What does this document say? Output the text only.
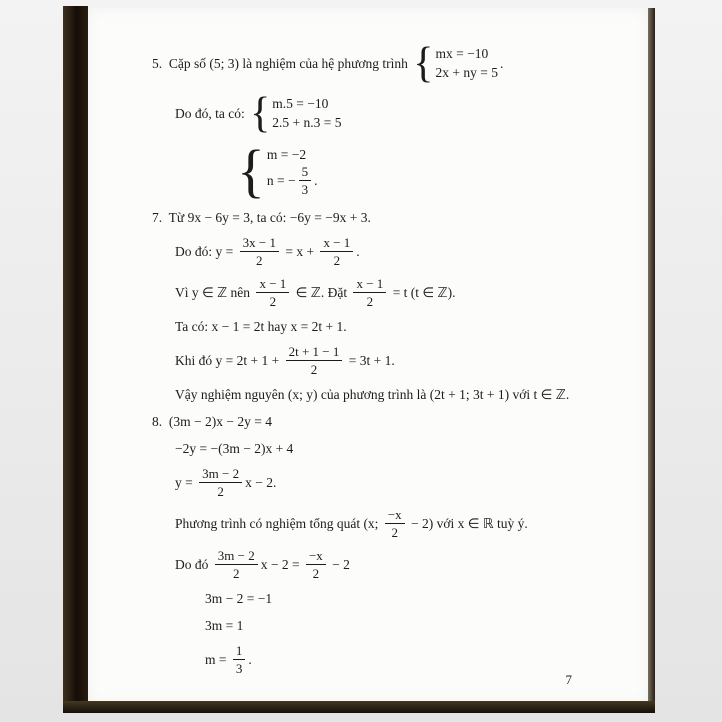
5.  Cặp số (5; 3) là nghiệm của hệ phương trình { mx = −10
2x + ny = 5
.
Do đó, ta có: { m.5 = −10
2.5 + n.3 = 5
{ m = −2
n = − $\frac{5}{3}$ .
7.  Từ 9x − 6y = 3, ta có: −6y = −9x + 3.
Do đó: $y = \frac{3x - 1}{2} = x + \frac{x - 1}{2}$ .
Vì y ∈ ℤ nên $\frac{x - 1}{2}$ ∈ ℤ. Đặt $\frac{x - 1}{2} = t$ (t ∈ ℤ).
Ta có: x − 1 = 2t hay x = 2t + 1.
Khi đó $y = 2t + 1 + \frac{2t + 1 - 1}{2} = 3t + 1$.
Vậy nghiệm nguyên (x; y) của phương trình là (2t + 1; 3t + 1) với t ∈ ℤ.
8.  (3m − 2)x − 2y = 4
−2y = −(3m − 2)x + 4
$y = \frac{3m - 2}{2}$ x − 2.
Phương trình có nghiệm tổng quát (x; $\frac{-x}{2} - 2$) với x ∈ ℝ tuỳ ý.
Do đó $\frac{3m - 2}{2}$ $x - 2 = \frac{-x}{2} - 2$
3m − 2 = −1
3m = 1
$m = \frac{1}{3}$ .
7
